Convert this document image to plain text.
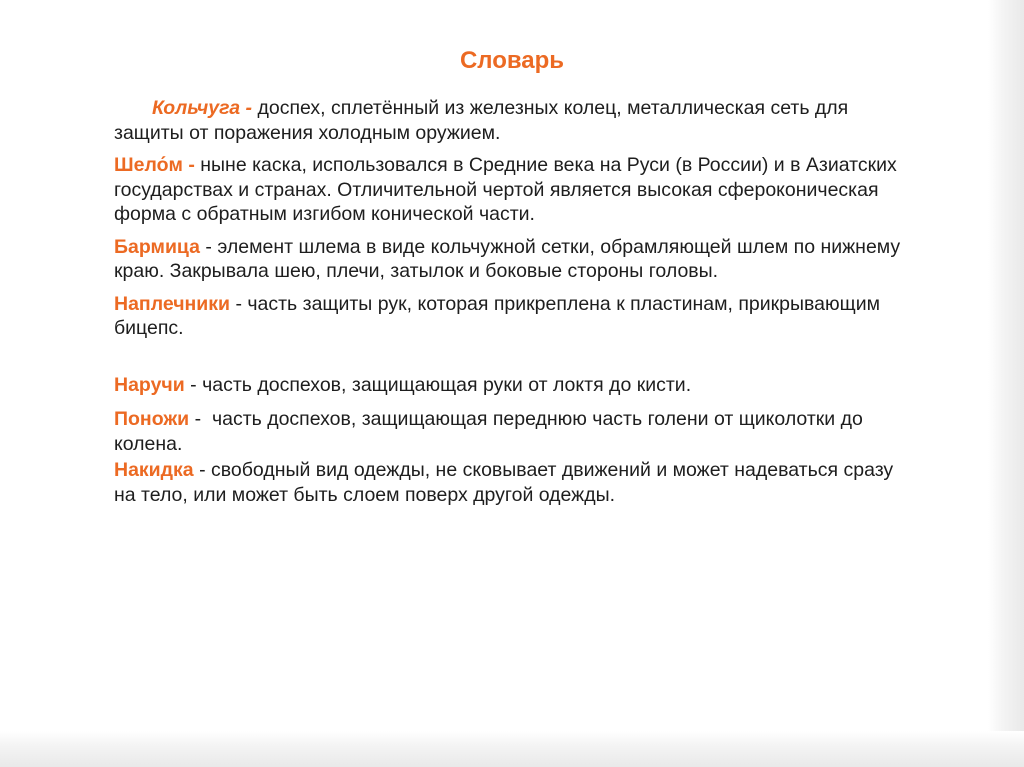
Словарь

Кольчуга - доспех, сплетённый из железных колец, металлическая сеть для защиты от поражения холодным оружием.

Шело́м - ныне каска, использовался в Средние века на Руси (в России) и в Азиатских государствах и странах. Отличительной чертой является высокая сфероконическая форма с обратным изгибом конической части.

Бармица - элемент шлема в виде кольчужной сетки, обрамляющей шлем по нижнему краю. Закрывала шею, плечи, затылок и боковые стороны головы.

Наплечники - часть защиты рук, которая прикреплена к пластинам, прикрывающим бицепс.

Наручи - часть доспехов, защищающая руки от локтя до кисти.

Поножи -  часть доспехов, защищающая переднюю часть голени от щиколотки до колена.

Накидка - свободный вид одежды, не сковывает движений и может надеваться сразу на тело, или может быть слоем поверх другой одежды.
